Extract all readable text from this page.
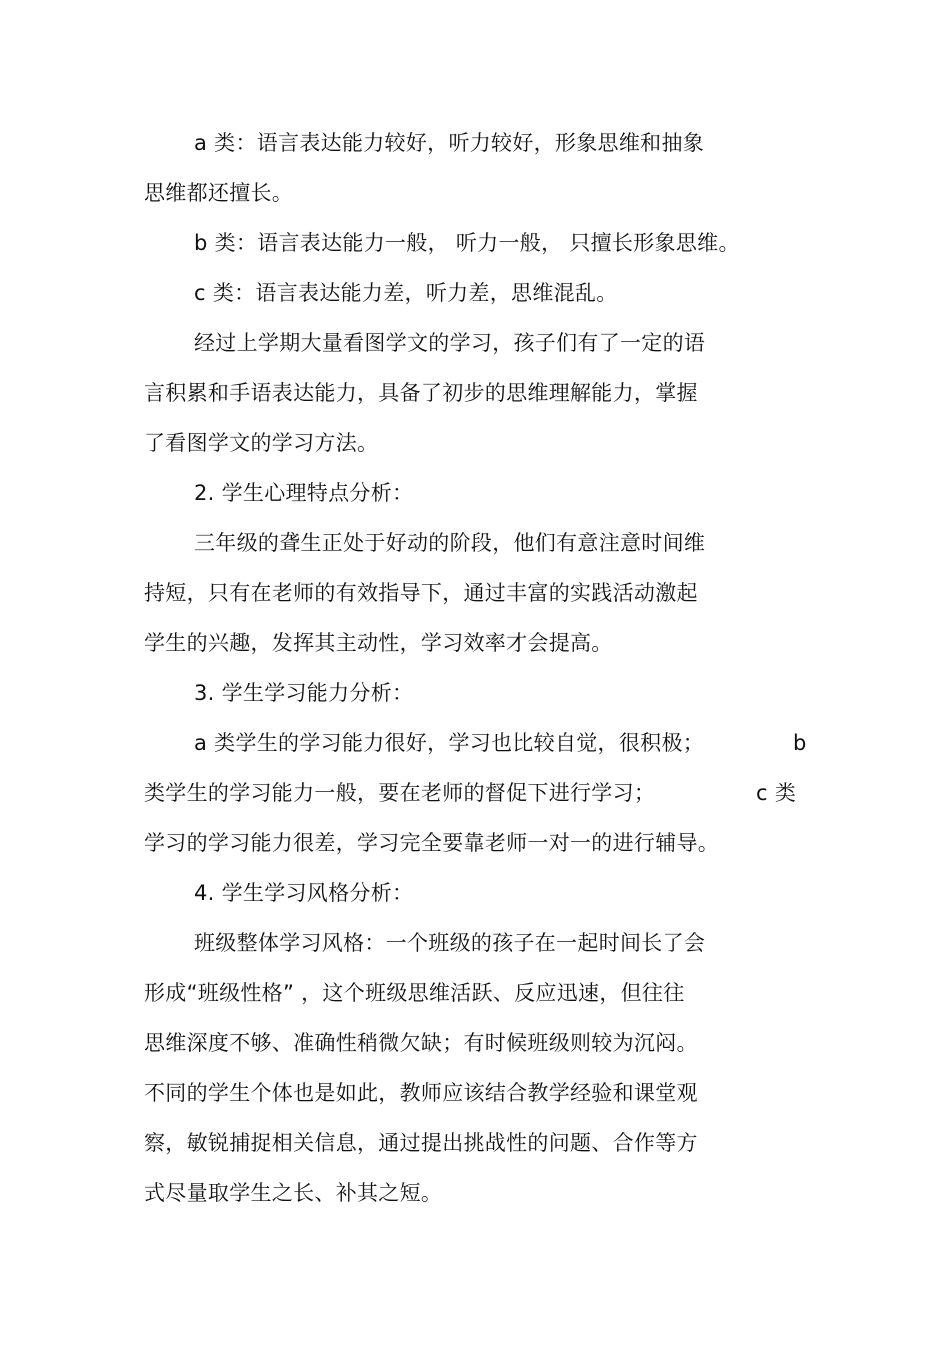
a 类：语言表达能力较好，听力较好，形象思维和抽象
思维都还擅长。
b 类：语言表达能力一般， 听力一般， 只擅长形象思维。
c 类：语言表达能力差，听力差，思维混乱。
经过上学期大量看图学文的学习，孩子们有了一定的语
言积累和手语表达能力，具备了初步的思维理解能力，掌握
了看图学文的学习方法。
2. 学生心理特点分析：
三年级的聋生正处于好动的阶段，他们有意注意时间维
持短，只有在老师的有效指导下，通过丰富的实践活动激起
学生的兴趣，发挥其主动性，学习效率才会提高。
3. 学生学习能力分析：
a 类学生的学习能力很好，学习也比较自觉，很积极；	b
类学生的学习能力一般，要在老师的督促下进行学习；	c 类
学习的学习能力很差，学习完全要靠老师一对一的进行辅导。
4. 学生学习风格分析：
班级整体学习风格：一个班级的孩子在一起时间长了会
形成“班级性格” ，这个班级思维活跃、反应迅速，但往往
思维深度不够、准确性稍微欠缺；有时候班级则较为沉闷。
不同的学生个体也是如此，教师应该结合教学经验和课堂观
察，敏锐捕捉相关信息，通过提出挑战性的问题、合作等方
式尽量取学生之长、补其之短。
